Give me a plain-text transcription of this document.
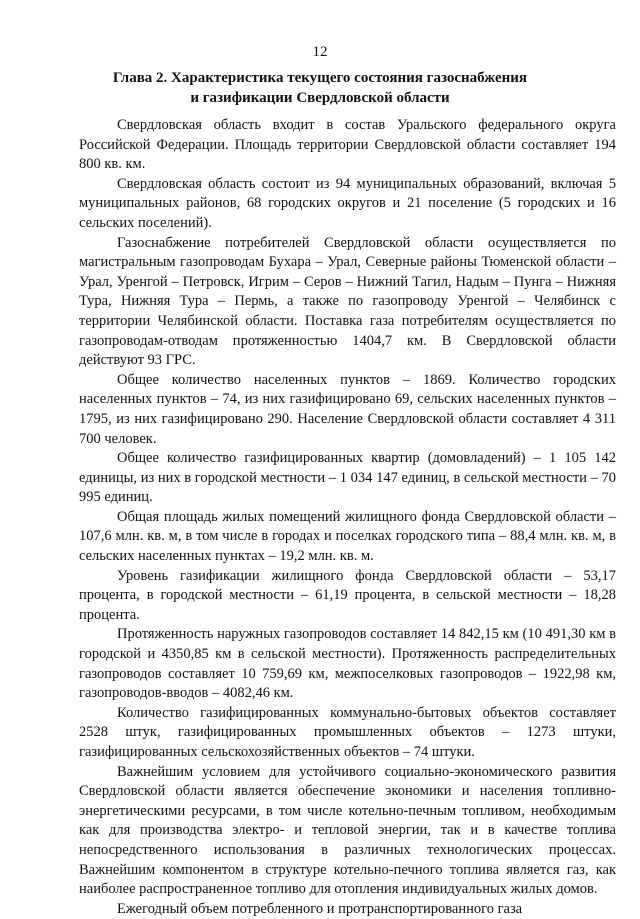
12
Глава 2. Характеристика текущего состояния газоснабжения
и газификации Свердловской области

Свердловская область входит в состав Уральского федерального округа Российской Федерации. Площадь территории Свердловской области составляет 194 800 кв. км.

Свердловская область состоит из 94 муниципальных образований, включая 5 муниципальных районов, 68 городских округов и 21 поселение (5 городских и 16 сельских поселений).

Газоснабжение потребителей Свердловской области осуществляется по магистральным газопроводам Бухара – Урал, Северные районы Тюменской области – Урал, Уренгой – Петровск, Игрим – Серов – Нижний Тагил, Надым – Пунга – Нижняя Тура, Нижняя Тура – Пермь, а также по газопроводу Уренгой – Челябинск с территории Челябинской области. Поставка газа потребителям осуществляется по газопроводам-отводам протяженностью 1404,7 км. В Свердловской области действуют 93 ГРС.

Общее количество населенных пунктов – 1869. Количество городских населенных пунктов – 74, из них газифицировано 69, сельских населенных пунктов – 1795, из них газифицировано 290. Население Свердловской области составляет 4 311 700 человек.

Общее количество газифицированных квартир (домовладений) – 1 105 142 единицы, из них в городской местности – 1 034 147 единиц, в сельской местности – 70 995 единиц.

Общая площадь жилых помещений жилищного фонда Свердловской области – 107,6 млн. кв. м, в том числе в городах и поселках городского типа – 88,4 млн. кв. м, в сельских населенных пунктах – 19,2 млн. кв. м.

Уровень газификации жилищного фонда Свердловской области – 53,17 процента, в городской местности – 61,19 процента, в сельской местности – 18,28 процента.

Протяженность наружных газопроводов составляет 14 842,15 км (10 491,30 км в городской и 4350,85 км в сельской местности). Протяженность распределительных газопроводов составляет 10 759,69 км, межпоселковых газопроводов – 1922,98 км, газопроводов-вводов – 4082,46 км.

Количество газифицированных коммунально-бытовых объектов составляет 2528 штук, газифицированных промышленных объектов – 1273 штуки, газифицированных сельскохозяйственных объектов – 74 штуки.

Важнейшим условием для устойчивого социально-экономического развития Свердловской области является обеспечение экономики и населения топливно-энергетическими ресурсами, в том числе котельно-печным топливом, необходимым как для производства электро- и тепловой энергии, так и в качестве топлива непосредственного использования в различных технологических процессах. Важнейшим компонентом в структуре котельно-печного топлива является газ, как наиболее распространенное топливо для отопления индивидуальных жилых домов.

Ежегодный объем потребленного и протранспортированного газа
